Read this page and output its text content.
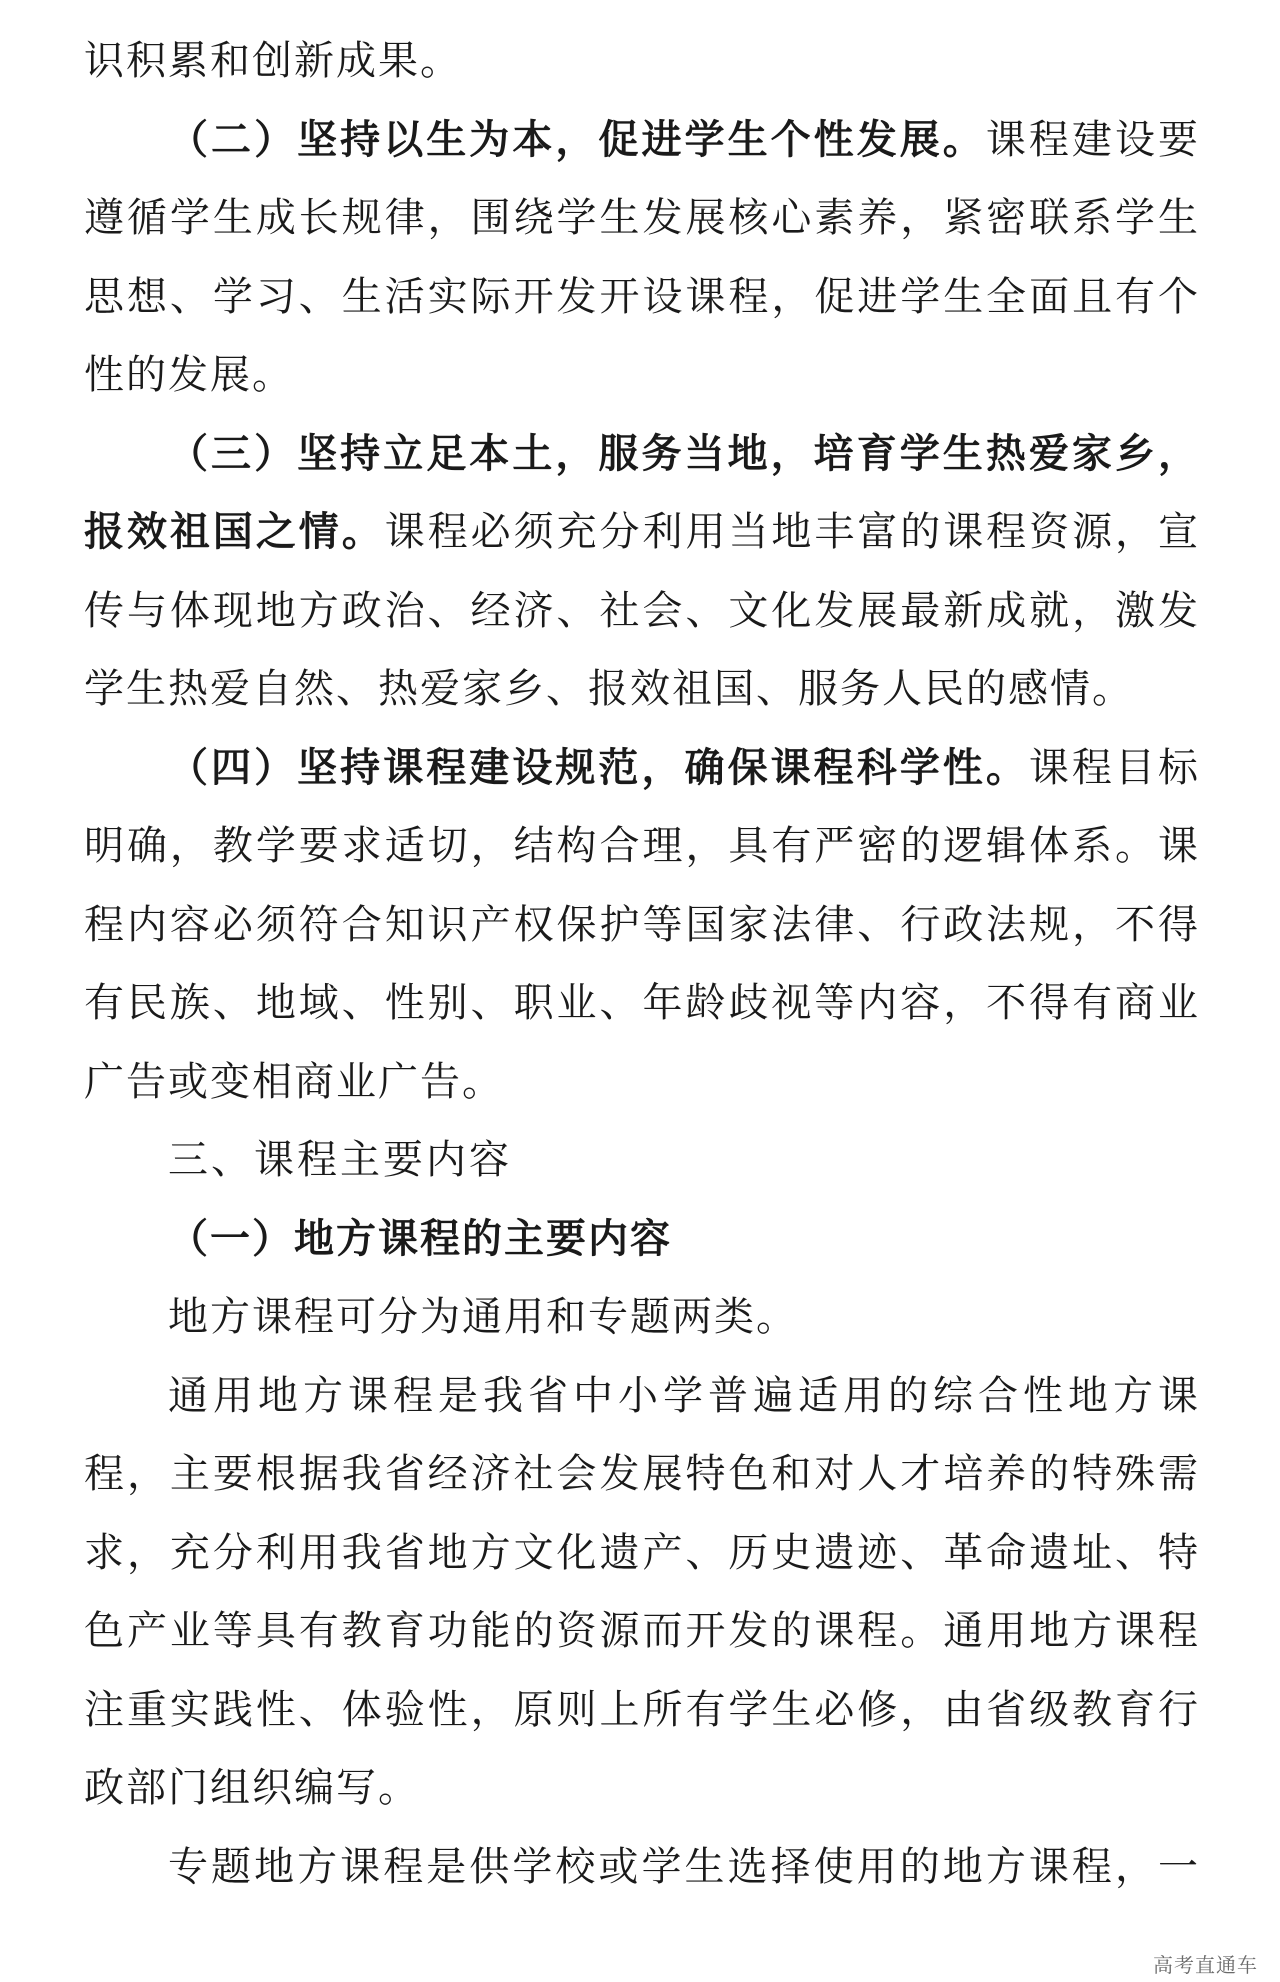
识积累和创新成果。
（二）坚持以生为本，促进学生个性发展。课程建设要
遵循学生成长规律，围绕学生发展核心素养，紧密联系学生
思想、学习、生活实际开发开设课程，促进学生全面且有个
性的发展。
（三）坚持立足本土，服务当地，培育学生热爱家乡，
报效祖国之情。课程必须充分利用当地丰富的课程资源，宣
传与体现地方政治、经济、社会、文化发展最新成就，激发
学生热爱自然、热爱家乡、报效祖国、服务人民的感情。
（四）坚持课程建设规范，确保课程科学性。课程目标
明确，教学要求适切，结构合理，具有严密的逻辑体系。课
程内容必须符合知识产权保护等国家法律、行政法规，不得
有民族、地域、性别、职业、年龄歧视等内容，不得有商业
广告或变相商业广告。
三、课程主要内容
（一）地方课程的主要内容
地方课程可分为通用和专题两类。
通用地方课程是我省中小学普遍适用的综合性地方课
程，主要根据我省经济社会发展特色和对人才培养的特殊需
求，充分利用我省地方文化遗产、历史遗迹、革命遗址、特
色产业等具有教育功能的资源而开发的课程。通用地方课程
注重实践性、体验性，原则上所有学生必修，由省级教育行
政部门组织编写。
专题地方课程是供学校或学生选择使用的地方课程，一
高考直通车
